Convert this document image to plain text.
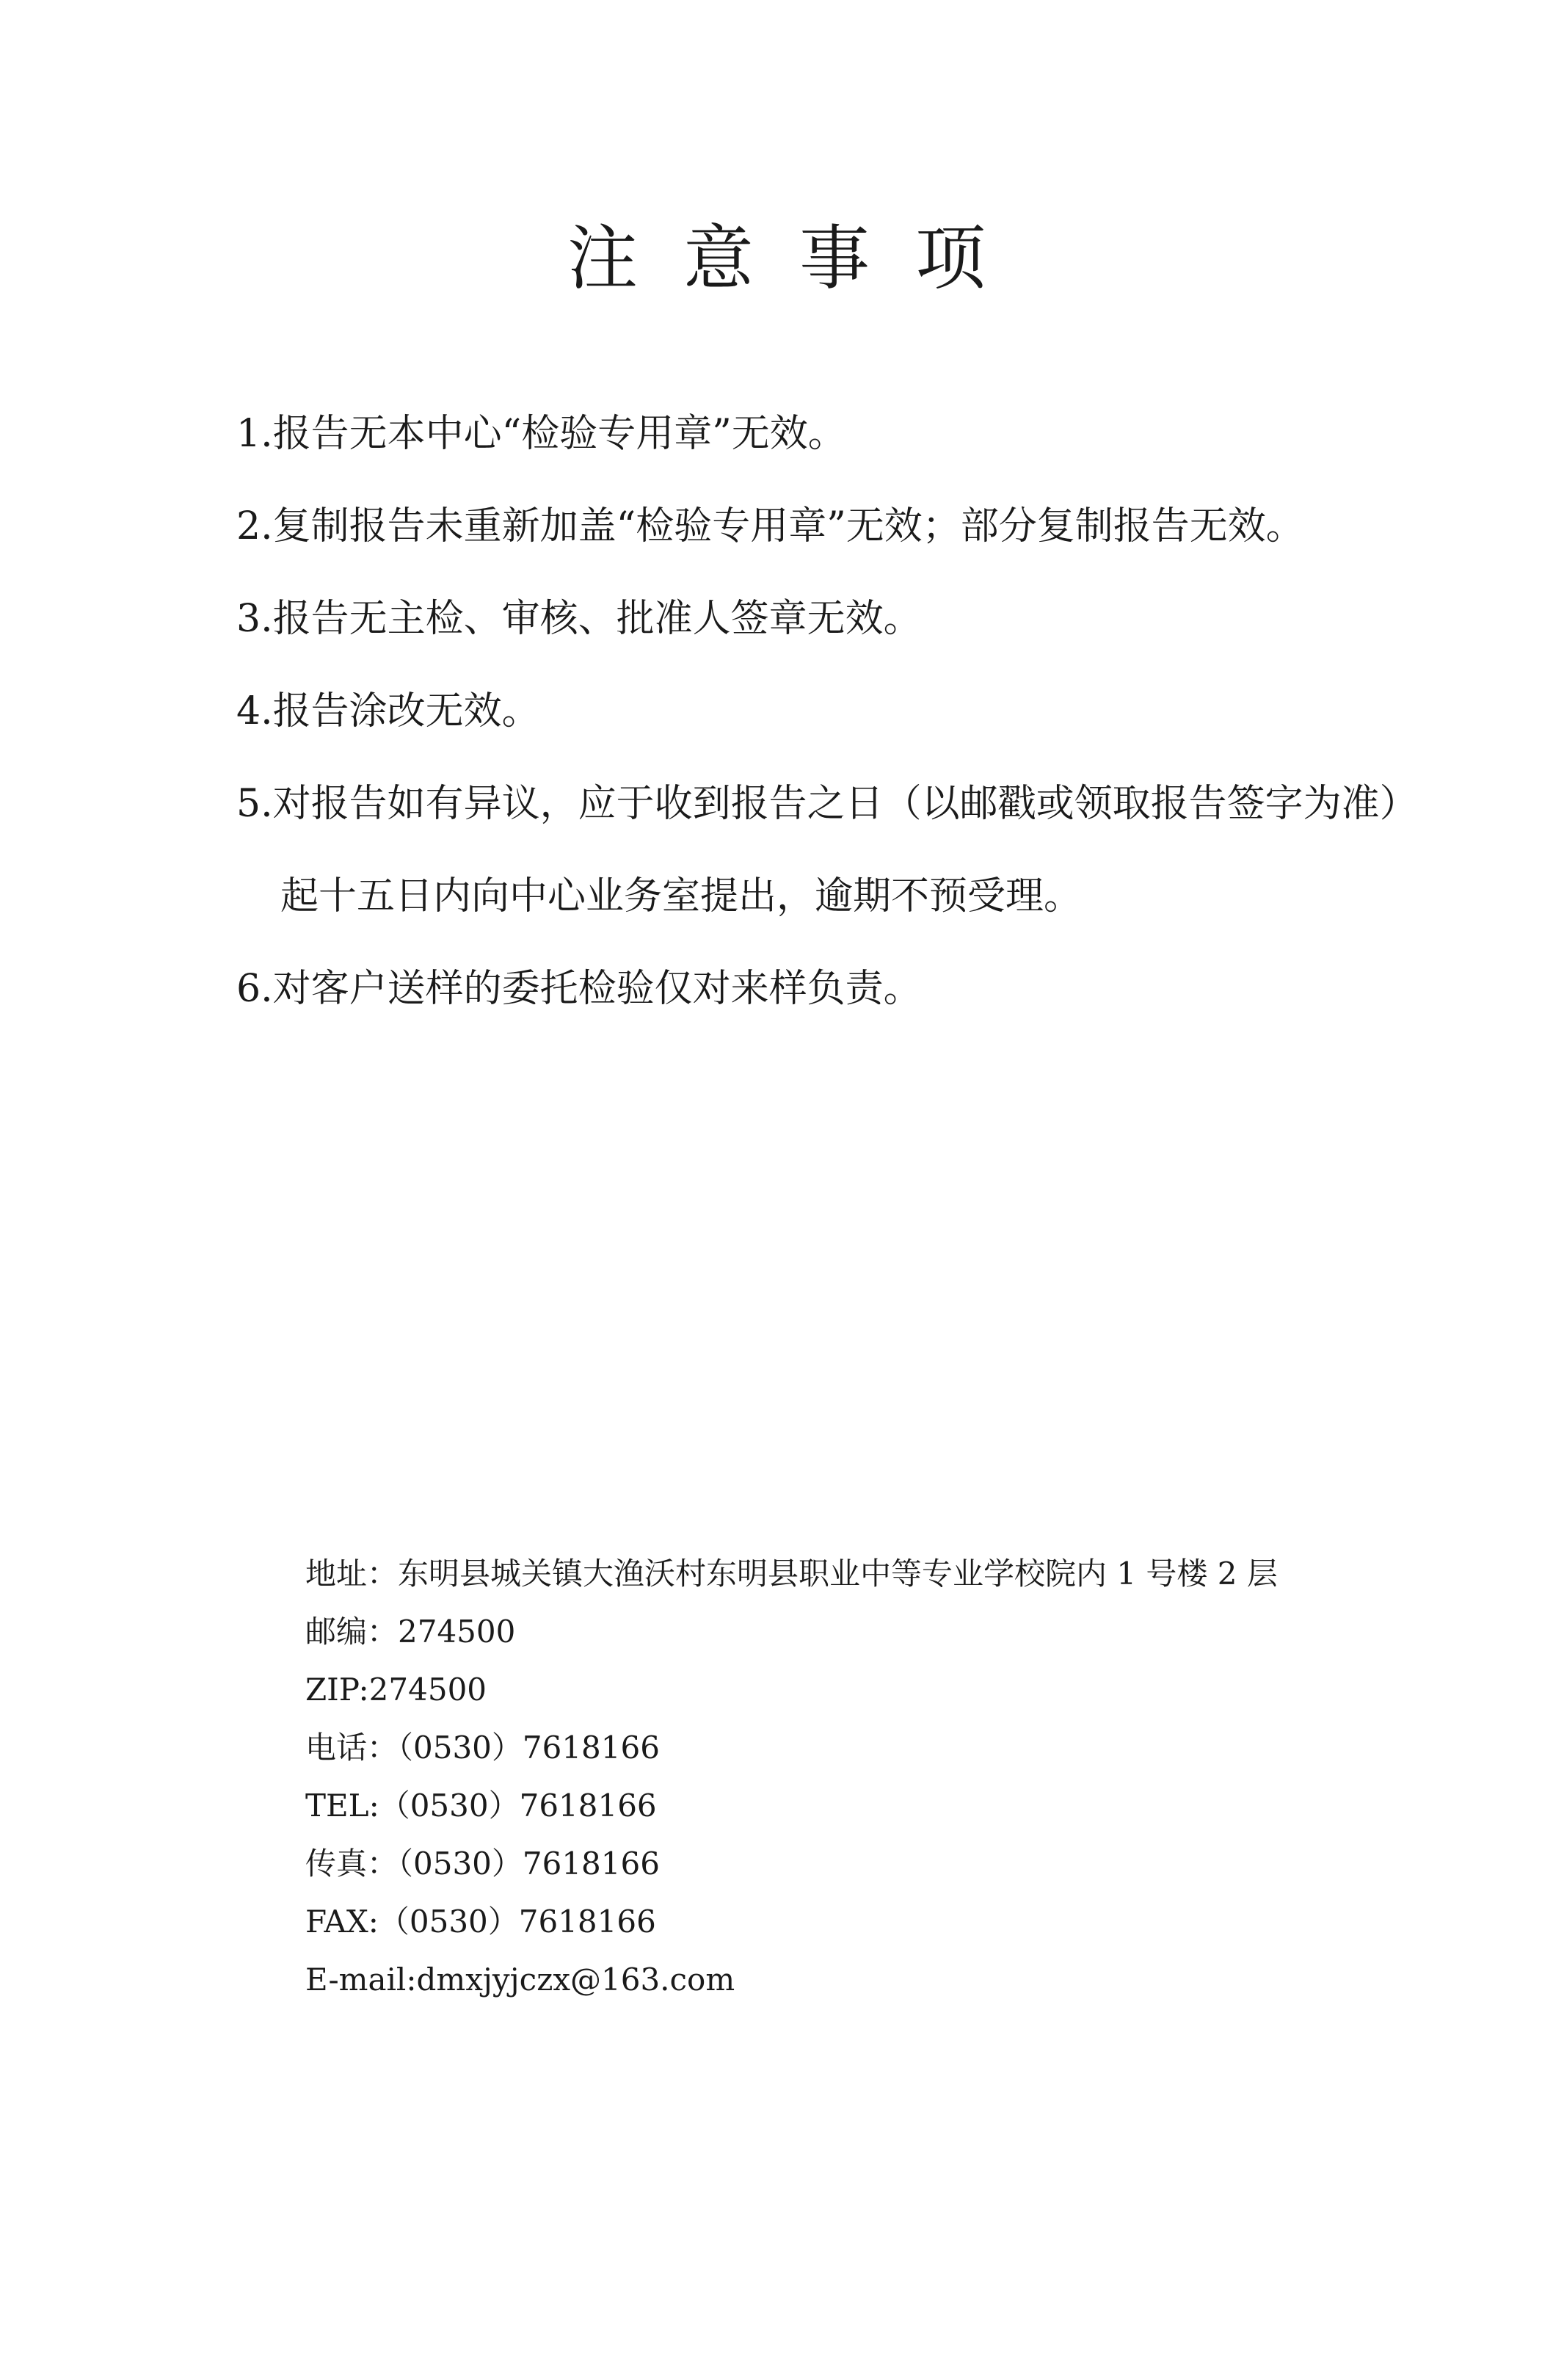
注意事项
1.报告无本中心“检验专用章”无效。
2.复制报告未重新加盖“检验专用章”无效；部分复制报告无效。
3.报告无主检、审核、批准人签章无效。
4.报告涂改无效。
5.对报告如有异议，应于收到报告之日（以邮戳或领取报告签字为准）
起十五日内向中心业务室提出，逾期不预受理。
6.对客户送样的委托检验仅对来样负责。
地址：东明县城关镇大渔沃村东明县职业中等专业学校院内 1 号楼 2 层
邮编：274500
ZIP:274500
电话：（0530）7618166
TEL:（0530）7618166
传真：（0530）7618166
FAX:（0530）7618166
E-mail:dmxjyjczx@163.com
